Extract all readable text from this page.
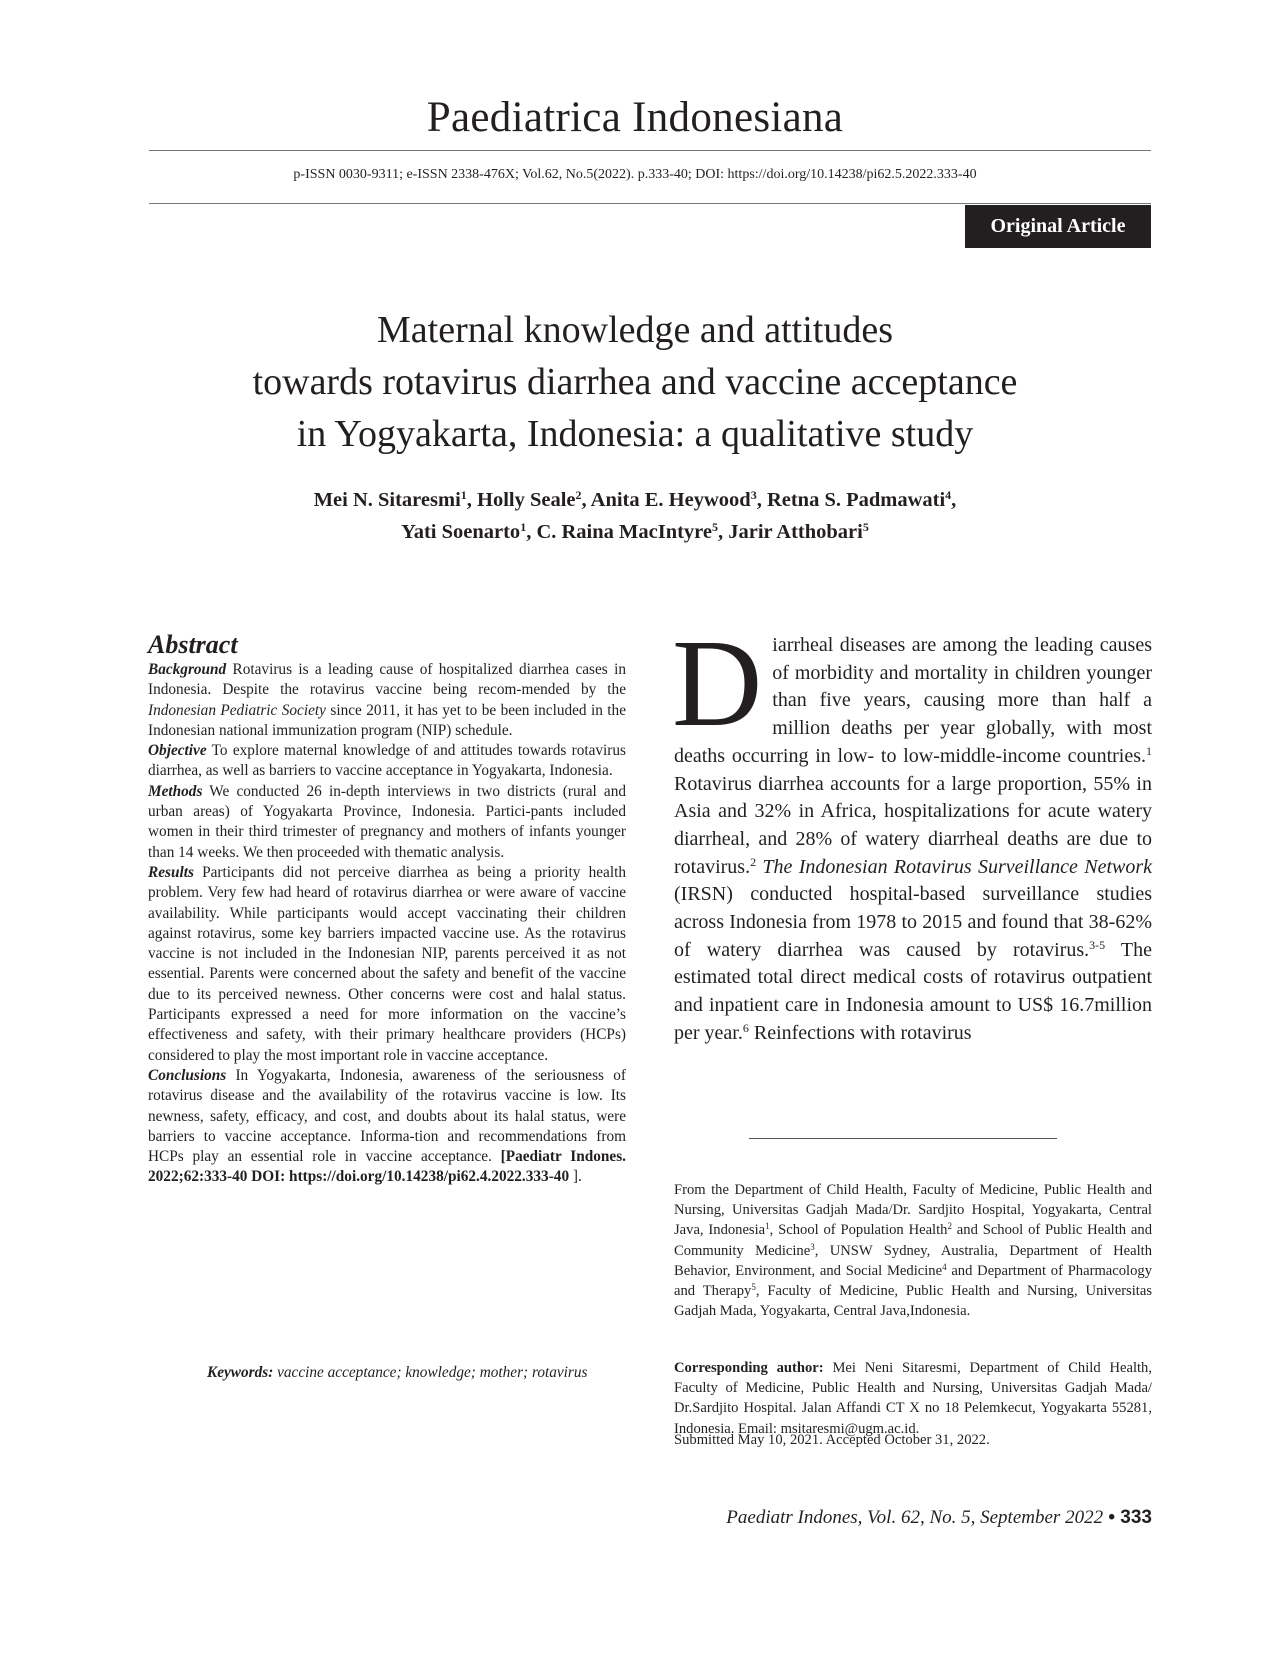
Paediatrica Indonesiana
p-ISSN 0030-9311; e-ISSN 2338-476X; Vol.62, No.5(2022). p.333-40; DOI: https://doi.org/10.14238/pi62.5.2022.333-40
Original Article
Maternal knowledge and attitudes
towards rotavirus diarrhea and vaccine acceptance
in Yogyakarta, Indonesia: a qualitative study
Mei N. Sitaresmi$^1$, Holly Seale$^2$, Anita E. Heywood$^3$, Retna S. Padmawati$^4$,
Yati Soenarto$^1$, C. Raina MacIntyre$^5$, Jarir Atthobari$^5$
Abstract

Background Rotavirus is a leading cause of hospitalized diarrhea cases in Indonesia. Despite the rotavirus vaccine being recom-mended by the Indonesian Pediatric Society since 2011, it has yet to be been included in the Indonesian national immunization program (NIP) schedule.

Objective To explore maternal knowledge of and attitudes towards rotavirus diarrhea, as well as barriers to vaccine acceptance in Yogyakarta, Indonesia.

Methods We conducted 26 in-depth interviews in two districts (rural and urban areas) of Yogyakarta Province, Indonesia. Partici-pants included women in their third trimester of pregnancy and mothers of infants younger than 14 weeks. We then proceeded with thematic analysis.

Results Participants did not perceive diarrhea as being a priority health problem. Very few had heard of rotavirus diarrhea or were aware of vaccine availability. While participants would accept vaccinating their children against rotavirus, some key barriers impacted vaccine use. As the rotavirus vaccine is not included in the Indonesian NIP, parents perceived it as not essential. Parents were concerned about the safety and benefit of the vaccine due to its perceived newness. Other concerns were cost and halal status. Participants expressed a need for more information on the vaccine’s effectiveness and safety, with their primary healthcare providers (HCPs) considered to play the most important role in vaccine acceptance.

Conclusions In Yogyakarta, Indonesia, awareness of the seriousness of rotavirus disease and the availability of the rotavirus vaccine is low. Its newness, safety, efficacy, and cost, and doubts about its halal status, were barriers to vaccine acceptance. Informa-tion and recommendations from HCPs play an essential role in vaccine acceptance. [Paediatr Indones. 2022;62:333-40 DOI: https://doi.org/10.14238/pi62.4.2022.333-40 ].

Keywords: vaccine acceptance; knowledge; mother; rotavirus

Diarrheal diseases are among the leading causes of morbidity and mortality in children younger than five years, causing more than half a million deaths per year globally, with most deaths occurring in low- to low-middle-income countries.$^1$ Rotavirus diarrhea accounts for a large proportion, 55% in Asia and 32% in Africa, hospitalizations for acute watery diarrheal, and 28% of watery diarrheal deaths are due to rotavirus.$^2$ The Indonesian Rotavirus Surveillance Network (IRSN) conducted hospital-based surveillance studies across Indonesia from 1978 to 2015 and found that 38-62% of watery diarrhea was caused by rotavirus.$^{3-5}$ The estimated total direct medical costs of rotavirus outpatient and inpatient care in Indonesia amount to US$ 16.7million per year.$^6$ Reinfections with rotavirus

From the Department of Child Health, Faculty of Medicine, Public Health and Nursing, Universitas Gadjah Mada/Dr. Sardjito Hospital, Yogyakarta, Central Java, Indonesia$^1$, School of Population Health$^2$ and School of Public Health and Community Medicine$^3$, UNSW Sydney, Australia, Department of Health Behavior, Environment, and Social Medicine$^4$ and Department of Pharmacology and Therapy$^5$, Faculty of Medicine, Public Health and Nursing, Universitas Gadjah Mada, Yogyakarta, Central Java,Indonesia.
Corresponding author: Mei Neni Sitaresmi, Department of Child Health, Faculty of Medicine, Public Health and Nursing, Universitas Gadjah Mada/ Dr.Sardjito Hospital. Jalan Affandi CT X no 18 Pelemkecut, Yogyakarta 55281, Indonesia. Email: msitaresmi@ugm.ac.id.
Submitted May 10, 2021. Accepted October 31, 2022.
Paediatr Indones, Vol. 62, No. 5, September 2022 • 333
